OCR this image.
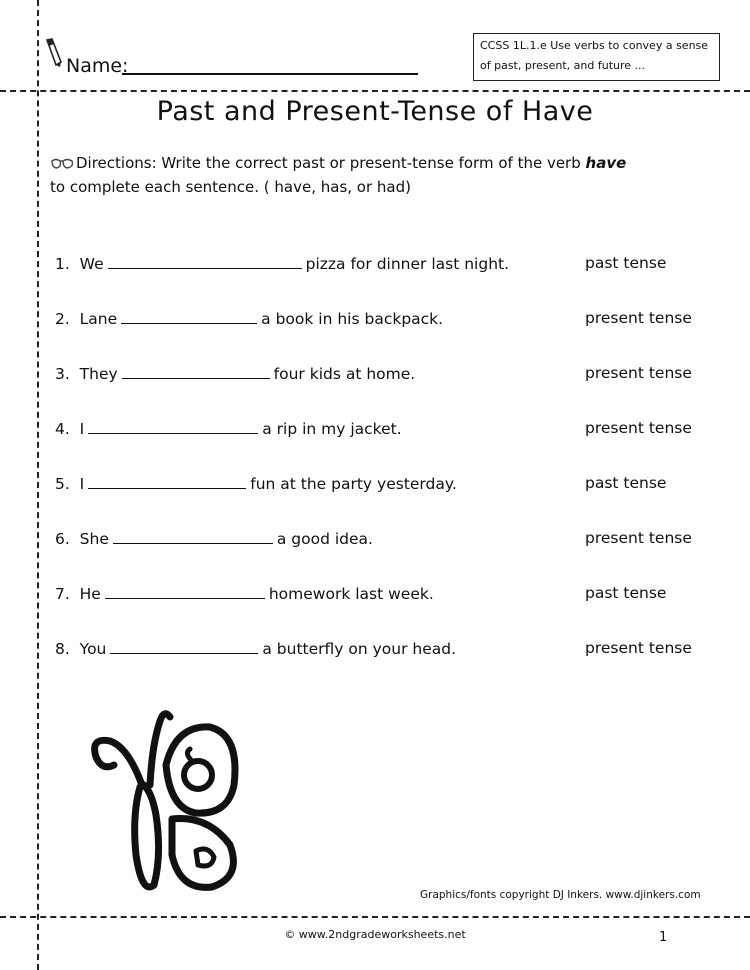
Name:
CCSS 1L.1.e Use verbs to convey a sense of past, present, and future ...
Past and Present-Tense of Have
Directions: Write the correct past or present-tense form of the verb have
to complete each sentence. ( have, has, or had)
1. We	pizza for dinner last night.	past tense
2. Lane	a book in his backpack.	present tense
3. They	four kids at home.	present tense
4. I	a rip in my jacket.	present tense
5. I	fun at the party yesterday.	past tense
6. She	a good idea.	present tense
7. He	homework last week.	past tense
8. You	a butterfly on your head.	present tense
Graphics/fonts copyright DJ Inkers. www.djinkers.com
© www.2ndgradeworksheets.net	1
